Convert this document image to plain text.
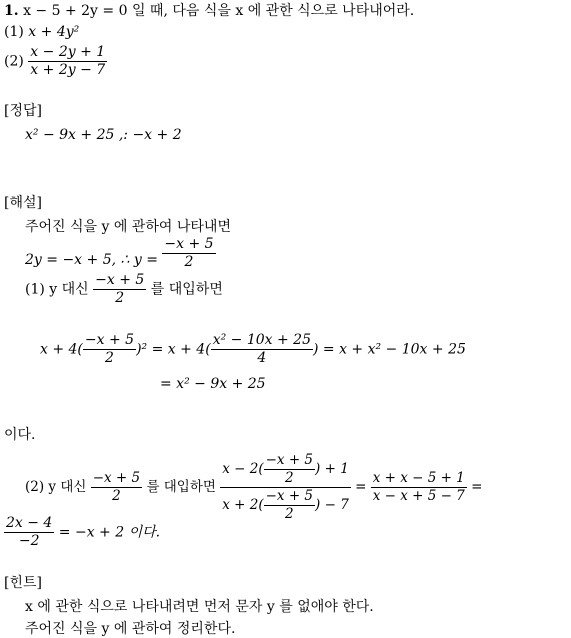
1. x − 5 + 2y = 0 일 때, 다음 식을 x 에 관한 식으로 나타내어라.
(1) x + 4y²
$(2) \frac{x - 2y + 1}{x + 2y - 7}$
[정답]
x² − 9x + 25 ,: −x + 2
[해설]
주어진 식을 y 에 관하여 나타내면
2y = −x + 5, ∴ $y = \frac{-x + 5}{2}$
(1) y 대신 $\frac{-x + 5}{2}$ 를 대입하면
$x + 4( \frac{-x + 5}{2} )^2 = x + 4( \frac{\text{x² − 10x + 25}}{4}$ ) = x + x² − 10x + 25
= x² − 9x + 25
이다.
(2) y 대신 $\frac{-x + 5}{2}$ 를 대입하면 $\frac{x - 2( \frac{-x + 5}{2} ) + 1}{x + 2( \frac{-x + 5}{2} ) - 7} = \frac{x + x - 5 + 1}{x - x + 5 - 7}$ =
$\frac{2x - 4}{-2} = -x + 2$ 이다.
[힌트]
x 에 관한 식으로 나타내려면 먼저 문자 y 를 없애야 한다.
주어진 식을 y 에 관하여 정리한다.
